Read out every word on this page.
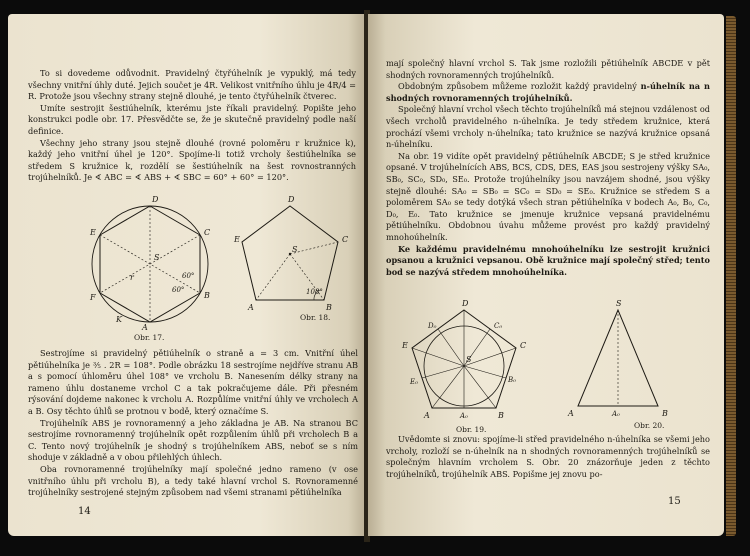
To si dovedeme odůvodnit. Pravidelný čtyřúhelník je vypuklý, má tedy všechny vnitřní úhly duté. Jejich součet je 4R. Velikost vnitřního úhlu je 4R/4 = R. Protože jsou všechny strany stejně dlouhé, je tento čtyřúhelník čtverec.

Umíte sestrojit šestiúhelník, kterému jste říkali pravidelný. Popište jeho konstrukci podle obr. 17. Přesvědčte se, že je skutečně pravidelný podle naší definice.

Všechny jeho strany jsou stejně dlouhé (rovné poloměru r kružnice k), každý jeho vnitřní úhel je 120°. Spojíme-li totiž vrcholy šestiúhelníka se středem S kružnice k, rozdělí se šestiúhelník na šest rovnostranných trojúhelníků. Je ∢ ABC = ∢ ABS + ∢ SBC = 60° + 60° = 120°.

D
C
E
F	B
A
S
K
r	60°
60°
Obr. 17.
D
C
E
A	B
S
108°
Obr. 18.

Sestrojíme si pravidelný pětiúhelník o straně a = 3 cm. Vnitřní úhel pětiúhelníka je ⅗ . 2R = 108°. Podle obrázku 18 sestrojíme nejdříve stranu AB a s pomocí úhloměru úhel 108° ve vrcholu B. Nanesením délky strany na rameno úhlu dostaneme vrchol C a tak pokračujeme dále. Při přesném rýsování dojdeme nakonec k vrcholu A. Rozpůlíme vnitřní úhly ve vrcholech A a B. Osy těchto úhlů se protnou v bodě, který označíme S.

Trojúhelník ABS je rovnoramenný a jeho základna je AB. Na stranou BC sestrojíme rovnoramenný trojúhelník opět rozpůlením úhlů při vrcholech B a C. Tento nový trojúhelník je shodný s trojúhelníkem ABS, neboť se s ním shoduje v základně a v obou přilehlých úhlech.

Oba rovnoramenné trojúhelníky mají společné jedno rameno (v ose vnitřního úhlu při vrcholu B), a tedy také hlavní vrchol S. Rovnoramenné trojúhelníky sestrojené stejným způsobem nad všemi stranami pětiúhelníka

14

mají společný hlavní vrchol S. Tak jsme rozložili pětiúhelník ABCDE v pět shodných rovnoramenných trojúhelníků.

Obdobným způsobem můžeme rozložit každý pravidelný n-úhelník na n shodných rovnoramenných trojúhelníků.

Společný hlavní vrchol všech těchto trojúhelníků má stejnou vzdálenost od všech vrcholů pravidelného n-úhelníka. Je tedy středem kružnice, která prochází všemi vrcholy n-úhelníka; tato kružnice se nazývá kružnice opsaná n-úhelníku.

Na obr. 19 vidíte opět pravidelný pětiúhelník ABCDE; S je střed kružnice opsané. V trojúhelnících ABS, BCS, CDS, DES, EAS jsou sestrojeny výšky SA₀, SB₀, SC₀, SD₀, SE₀. Protože trojúhelníky jsou navzájem shodné, jsou výšky stejně dlouhé: SA₀ = SB₀ = SC₀ = SD₀ = SE₀. Kružnice se středem S a poloměrem SA₀ se tedy dotýká všech stran pětiúhelníka v bodech A₀, B₀, C₀, D₀, E₀. Tato kružnice se jmenuje kružnice vepsaná pravidelnému pětiúhelníku. Obdobnou úvahu můžeme provést pro každý pravidelný mnohoúhelník.

Ke každému pravidelnému mnohoúhelníku lze sestrojit kružnici opsanou a kružnici vepsanou. Obě kružnice mají společný střed; tento bod se nazývá středem mnohoúhelníka.

D
C
E
A	B
S
A₀
B₀
C₀
D₀
E₀
Obr. 19.
S
A	B
A₀
Obr. 20.

Uvědomte si znovu: spojíme-li střed pravidelného n-úhelníka se všemi jeho vrcholy, rozloží se n-úhelník na n shodných rovnoramenných trojúhelníků se společným hlavním vrcholem S. Obr. 20 znázorňuje jeden z těchto trojúhelníků, trojúhelník ABS. Popišme jej znovu po-

15
